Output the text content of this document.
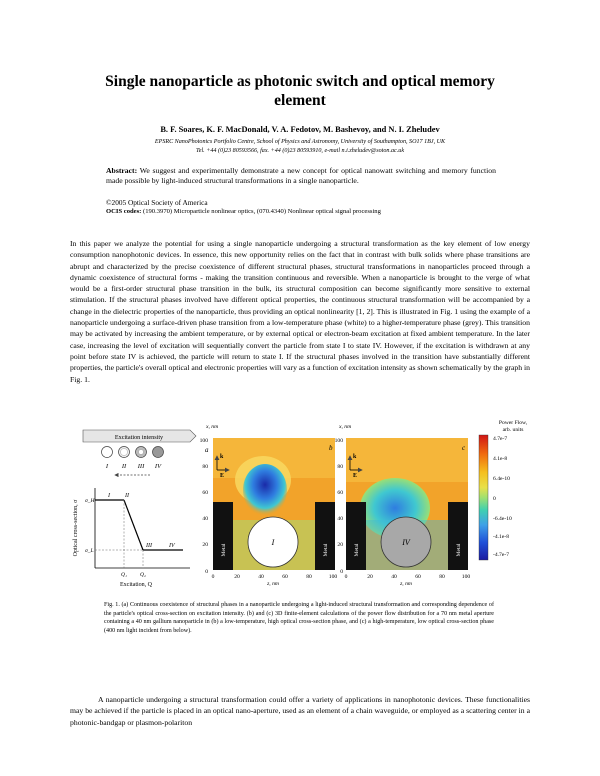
Single nanoparticle as photonic switch and optical memory
element
B. F. Soares, K. F. MacDonald, V. A. Fedotov, M. Bashevoy, and N. I. Zheludev
EPSRC NanoPhotonics Portfolio Centre, School of Physics and Astronomy, University of Southampton, SO17 1BJ, UK
Tel. +44 (0)23 80593566, fax. +44 (0)23 80593910, e-mail n.i.zheludev@soton.ac.uk
Abstract: We suggest and experimentally demonstrate a new concept for optical nanowatt switching and memory function made possible by light-induced structural transformations in a single nanoparticle.
©2005 Optical Society of America
OCIS codes: (190.3970) Microparticle nonlinear optics, (070.4340) Nonlinear optical signal processing
In this paper we analyze the potential for using a single nanoparticle undergoing a structural transformation as the key element of low energy consumption nanophotonic devices. In essence, this new opportunity relies on the fact that in contrast with bulk solids where phase transitions are abrupt and characterized by the precise coexistence of different structural phases, structural transformations in nanoparticles proceed through a dynamic coexistence of structural forms - making the transition continuous and reversible. When a nanoparticle is brought to the verge of what would be a first-order structural phase transition in the bulk, its structural composition can become significantly more sensitive to external stimulation. If the structural phases involved have different optical properties, the continuous structural transformation will be accompanied by a change in the dielectric properties of the nanoparticle, thus providing an optical nonlinearity [1, 2]. This is illustrated in Fig. 1 using the example of a nanoparticle undergoing a surface-driven phase transition from a low-temperature phase (white) to a higher-temperature phase (grey). This transition may be activated by increasing the ambient temperature, or by external optical or electron-beam excitation at fixed ambient temperature. In the later case, increasing the level of excitation will sequentially convert the particle from state I to state IV. However, if the excitation is withdrawn at any point before state IV is achieved, the particle will return to state I. If the structural phases involved in the transition have substantially different properties, the particle's overall optical and electronic properties will vary as a function of excitation intensity as shown schematically by the graph in Fig. 1.
a
Excitation intensity
I II III IV
I	II
III	IV
σ_H
σ_L
Q₁ Q₂
Excitation, Q
Optical cross-section, σ	I
Metal	Metal
k
E
b
x, nm
100
80
60
40
20
0
0	20	40	60	80	100
z, nm
IV
Metal	Metal
k
E
c
x, nm
100
80
60
40
20
0
0	20	40	60	80	100
z, nm
Power Flow,
arb. units
4.7e-7
4.1e-8
6.4e-10
0
-6.4e-10
-4.1e-8
-4.7e-7
Fig. 1. (a) Continuous coexistence of structural phases in a nanoparticle undergoing a light-induced structural transformation and corresponding dependence of the particle's optical cross-section on excitation intensity. (b) and (c) 3D finite-element calculations of the power flow distribution for a 70 nm metal aperture containing a 40 nm gallium nanoparticle in (b) a low-temperature, high optical cross-section phase, and (c) a high-temperature, low optical cross-section phase (400 nm light incident from below).
A nanoparticle undergoing a structural transformation could offer a variety of applications in nanophotonic devices. These functionalities may be achieved if the particle is placed in an optical nano-aperture, used as an element of a chain waveguide, or employed as a scattering center in a photonic-bandgap or plasmon-polariton
